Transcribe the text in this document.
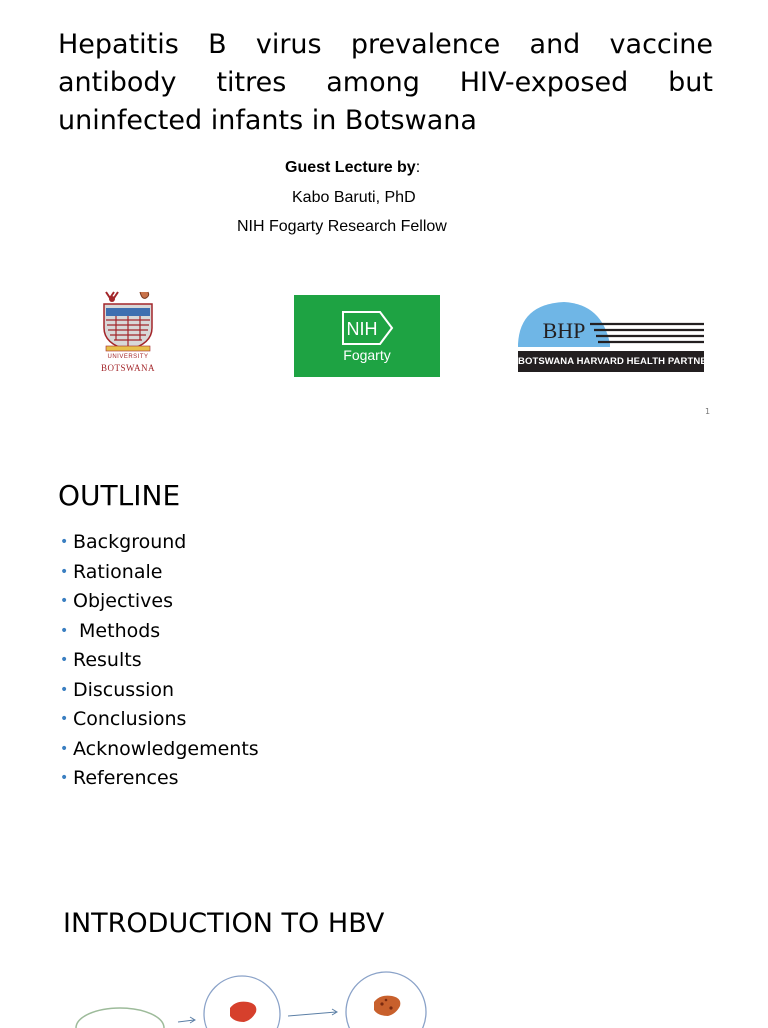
Hepatitis B virus prevalence and vaccine antibody titres among HIV-exposed but uninfected infants in Botswana
Guest Lecture by:
Kabo Baruti, PhD
NIH Fogarty Research Fellow
UNIVERSITY
BOTSWANA
NIH
Fogarty
BHP
BOTSWANA HARVARD HEALTH PARTNERSHIP
1
OUTLINE
• Background
• Rationale
• Objectives
• Methods
• Results
• Discussion
• Conclusions
• Acknowledgements
• References
INTRODUCTION TO HBV
